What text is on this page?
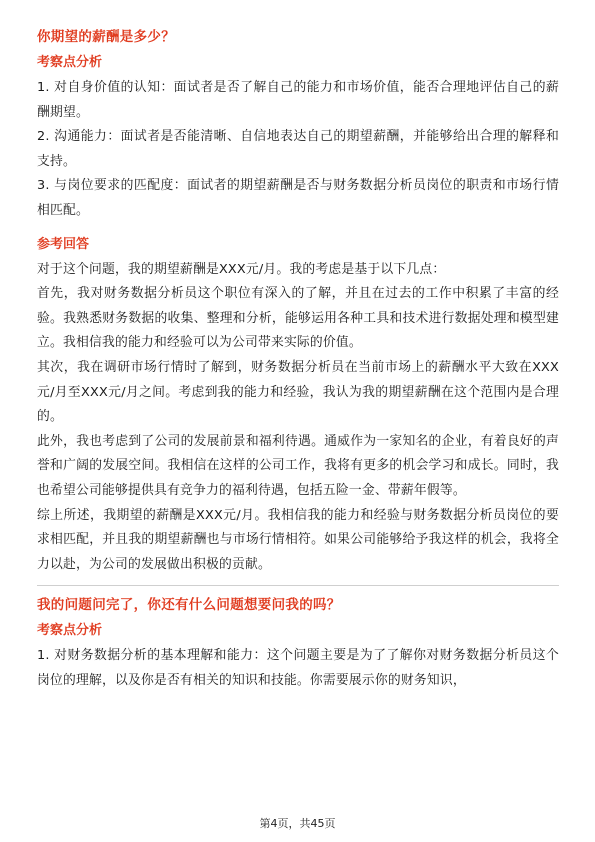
你期望的薪酬是多少？
考察点分析

1. 对自身价值的认知：面试者是否了解自己的能力和市场价值，能否合理地评估自己的薪酬期望。

2. 沟通能力：面试者是否能清晰、自信地表达自己的期望薪酬，并能够给出合理的解释和支持。

3. 与岗位要求的匹配度：面试者的期望薪酬是否与财务数据分析员岗位的职责和市场行情相匹配。

参考回答

对于这个问题，我的期望薪酬是XXX元/月。我的考虑是基于以下几点：

首先，我对财务数据分析员这个职位有深入的了解，并且在过去的工作中积累了丰富的经验。我熟悉财务数据的收集、整理和分析，能够运用各种工具和技术进行数据处理和模型建立。我相信我的能力和经验可以为公司带来实际的价值。

其次，我在调研市场行情时了解到，财务数据分析员在当前市场上的薪酬水平大致在XXX元/月至XXX元/月之间。考虑到我的能力和经验，我认为我的期望薪酬在这个范围内是合理的。

此外，我也考虑到了公司的发展前景和福利待遇。通威作为一家知名的企业，有着良好的声誉和广阔的发展空间。我相信在这样的公司工作，我将有更多的机会学习和成长。同时，我也希望公司能够提供具有竞争力的福利待遇，包括五险一金、带薪年假等。

综上所述，我期望的薪酬是XXX元/月。我相信我的能力和经验与财务数据分析员岗位的要求相匹配，并且我的期望薪酬也与市场行情相符。如果公司能够给予我这样的机会，我将全力以赴，为公司的发展做出积极的贡献。

我的问题问完了，你还有什么问题想要问我的吗？
考察点分析

1. 对财务数据分析的基本理解和能力：这个问题主要是为了了解你对财务数据分析员这个岗位的理解，以及你是否有相关的知识和技能。你需要展示你的财务知识，

第4页，共45页
